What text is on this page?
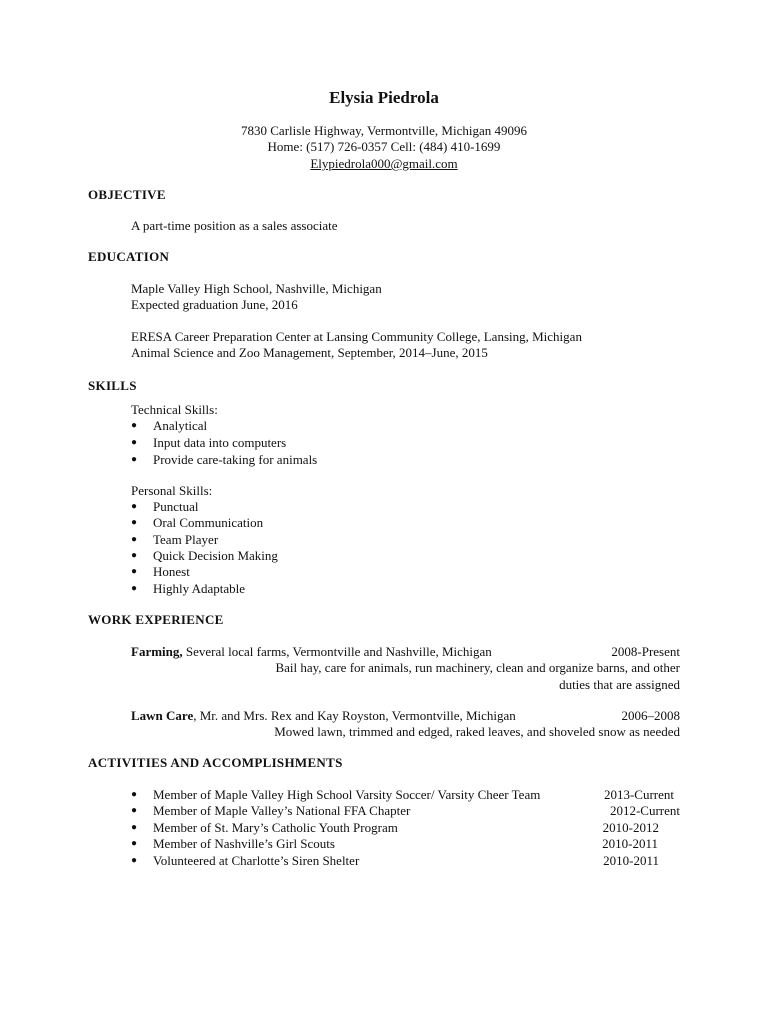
Elysia Piedrola
7830 Carlisle Highway, Vermontville, Michigan 49096
Home: (517) 726-0357 Cell: (484) 410-1699
Elypiedrola000@gmail.com
OBJECTIVE
A part-time position as a sales associate
EDUCATION
Maple Valley High School, Nashville, Michigan
Expected graduation June, 2016
ERESA Career Preparation Center at Lansing Community College, Lansing, Michigan
Animal Science and Zoo Management, September, 2014–June, 2015
SKILLS
Technical Skills:
● Analytical
● Input data into computers
● Provide care-taking for animals
Personal Skills:
● Punctual
● Oral Communication
● Team Player
● Quick Decision Making
● Honest
● Highly Adaptable
WORK EXPERIENCE
Farming, Several local farms, Vermontville and Nashville, Michigan	2008-Present
Bail hay, care for animals, run machinery, clean and organize barns, and other
duties that are assigned
Lawn Care, Mr. and Mrs. Rex and Kay Royston, Vermontville, Michigan	2006–2008
Mowed lawn, trimmed and edged, raked leaves, and shoveled snow as needed
ACTIVITIES AND ACCOMPLISHMENTS
● Member of Maple Valley High School Varsity Soccer/ Varsity Cheer Team	2013-Current
● Member of Maple Valley’s National FFA Chapter	2012-Current
● Member of St. Mary’s Catholic Youth Program	2010-2012
● Member of Nashville’s Girl Scouts	2010-2011
● Volunteered at Charlotte’s Siren Shelter	2010-2011
